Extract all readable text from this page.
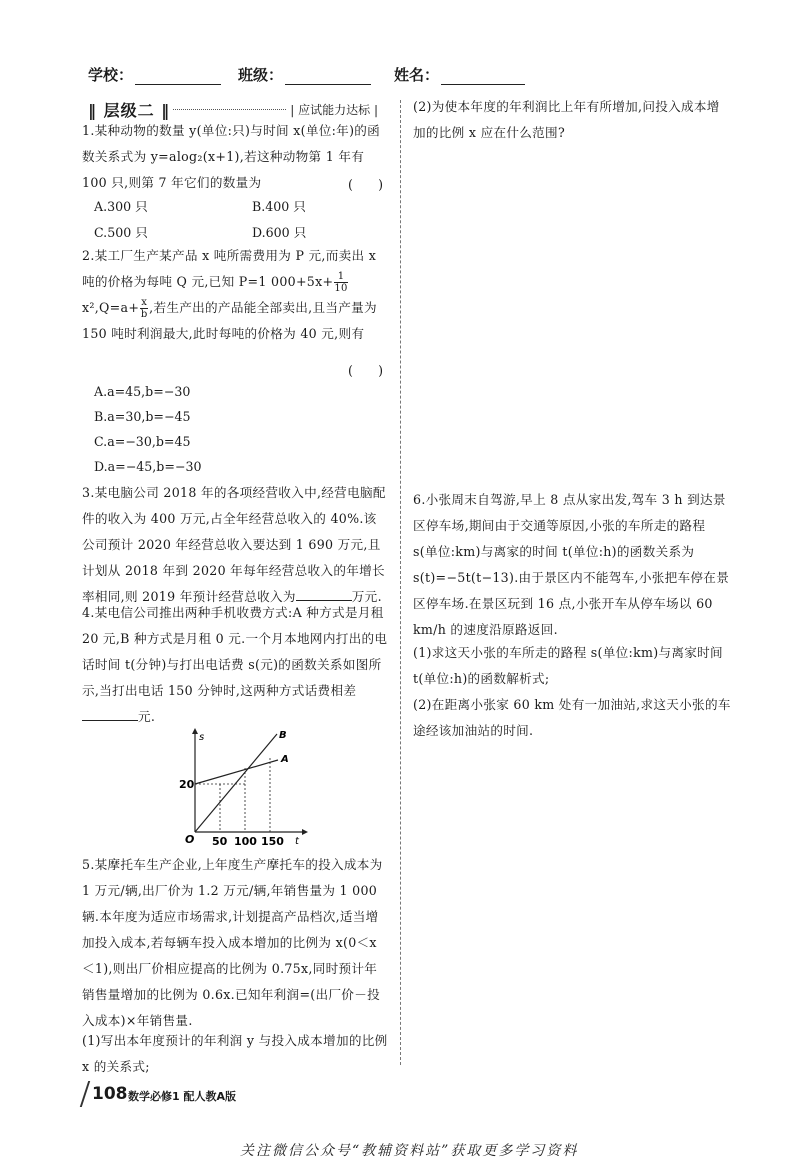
学校：	班级：	姓名：
‖ 层级二 ‖	| 应试能力达标 |
1.某种动物的数量 y(单位:只)与时间 x(单位:年)的函数关系式为 y=alog₂(x+1),若这种动物第 1 年有 100 只,则第 7 年它们的数量为	(　　)
A.300 只	B.400 只
C.500 只	D.600 只
2.某工厂生产某产品 x 吨所需费用为 P 元,而卖出 x 吨的价格为每吨 Q 元,已知 P=1 $000+5x+ \frac{1}{10}$
$x^2,Q=a+ \frac{x}{b}$ ,若生产出的产品能全部卖出,且当产量为 150 吨时利润最大,此时每吨的价格为 40 元,则有
(　　)
A.a=45,b=−30
B.a=30,b=−45
C.a=−30,b=45
D.a=−45,b=−30
3.某电脑公司 2018 年的各项经营收入中,经营电脑配件的收入为 400 万元,占全年经营总收入的 40%.该公司预计 2020 年经营总收入要达到 1 690 万元,且计划从 2018 年到 2020 年每年经营总收入的年增长率相同,则 2019 年预计经营总收入为	万元.
4.某电信公司推出两种手机收费方式:A 种方式是月租 20 元,B 种方式是月租 0 元.一个月本地网内打出的电话时间 t(分钟)与打出电话费 s(元)的函数关系如图所示,当打出电话 150 分钟时,这两种方式话费相差元.
s
t
O
20
50 100 150
A
B
5.某摩托车生产企业,上年度生产摩托车的投入成本为 1 万元/辆,出厂价为 1.2 万元/辆,年销售量为 1 000辆.本年度为适应市场需求,计划提高产品档次,适当增加投入成本,若每辆车投入成本增加的比例为 x(0＜x＜1),则出厂价相应提高的比例为 0.75x,同时预计年销售量增加的比例为 0.6x.已知年利润=(出厂价－投入成本)×年销售量.
(1)写出本年度预计的年利润 y 与投入成本增加的比例 x 的关系式;
(2)为使本年度的年利润比上年有所增加,问投入成本增加的比例 x 应在什么范围?
6.小张周末自驾游,早上 8 点从家出发,驾车 3 h 到达景区停车场,期间由于交通等原因,小张的车所走的路程 s(单位:km)与离家的时间 t(单位:h)的函数关系为 s(t)=−5t(t−13).由于景区内不能驾车,小张把车停在景区停车场.在景区玩到 16 点,小张开车从停车场以 60 km/h 的速度沿原路返回.
(1)求这天小张的车所走的路程 s(单位:km)与离家时间 t(单位:h)的函数解析式;
(2)在距离小张家 60 km 处有一加油站,求这天小张的车途经该加油站的时间.
108 数学必修1 配人教A版
关注微信公众号“教辅资料站”获取更多学习资料
